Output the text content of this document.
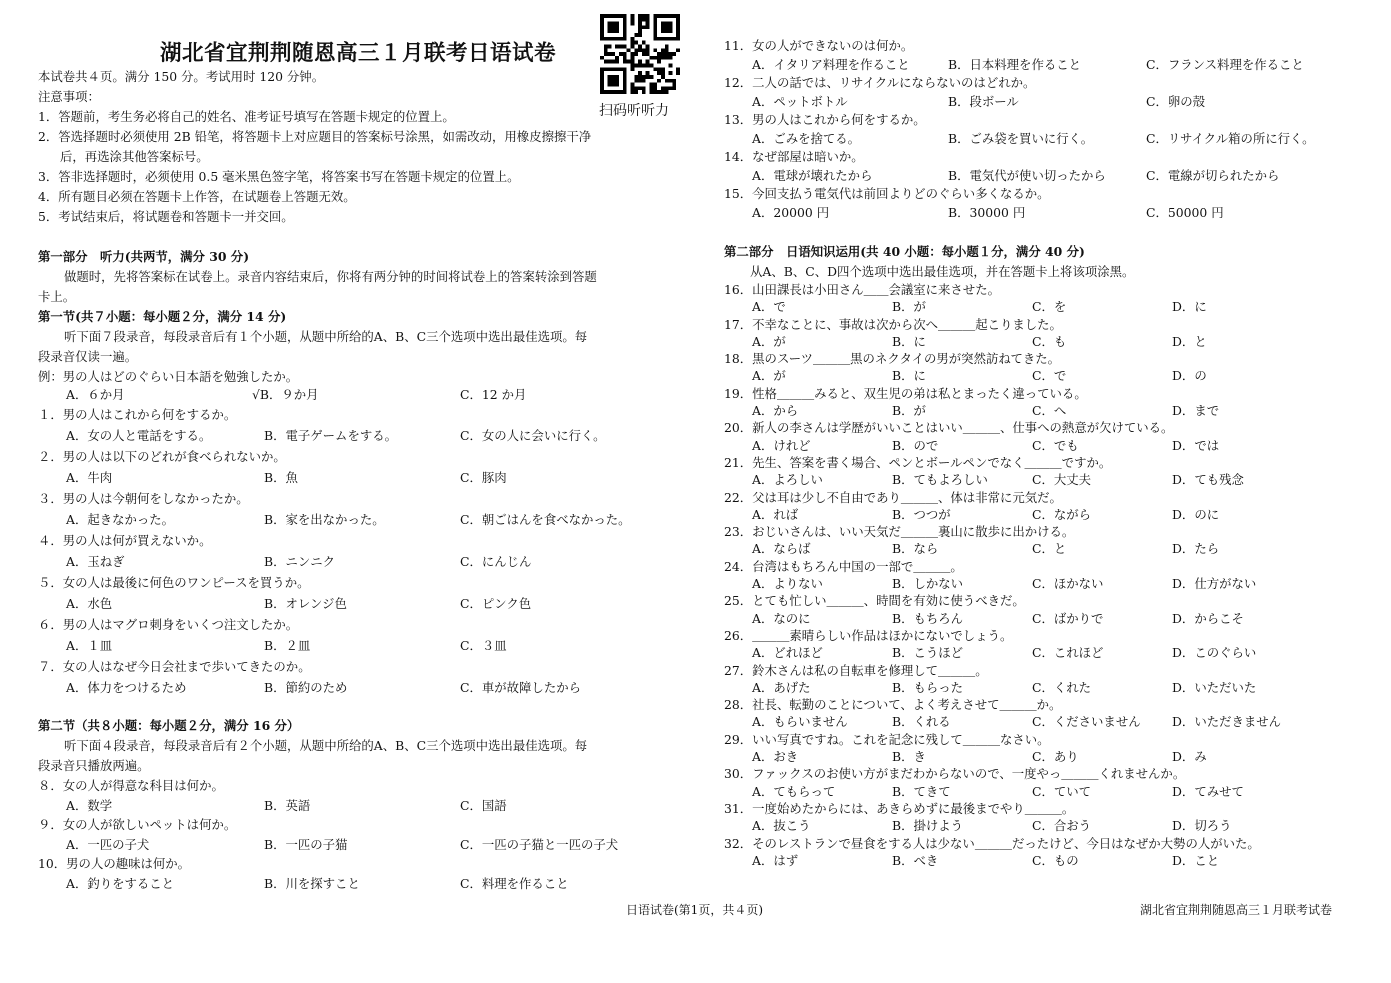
湖北省宜荆荆随恩高三１月联考日语试卷
扫码听听力
本试卷共４页。满分 150 分。考试用时 120 分钟。
注意事项：
1．答题前，考生务必将自己的姓名、准考证号填写在答题卡规定的位置上。
2．答选择题时必须使用 2B 铅笔，将答题卡上对应题目的答案标号涂黑，如需改动，用橡皮擦擦干净
后，再选涂其他答案标号。
3．答非选择题时，必须使用 0.5 毫米黑色签字笔，将答案书写在答题卡规定的位置上。
4．所有题目必须在答题卡上作答，在试题卷上答题无效。
5．考试结束后，将试题卷和答题卡一并交回。
第一部分　听力(共两节，满分 30 分)
做题时，先将答案标在试卷上。录音内容结束后，你将有两分钟的时间将试卷上的答案转涂到答题
卡上。
第一节(共７小题：每小题２分，满分 14 分)
听下面７段录音，每段录音后有１个小题，从题中所给的A、B、C三个选项中选出最佳选项。每
段录音仅读一遍。
例：男の人はどのぐらい日本語を勉強したか。
A．６か月	√B．９か月	C．12 か月
１．男の人はこれから何をするか。
A．女の人と電話をする。	B．電子ゲームをする。	C．女の人に会いに行く。
２．男の人は以下のどれが食べられないか。
A．牛肉	B．魚	C．豚肉
３．男の人は今朝何をしなかったか。
A．起きなかった。	B．家を出なかった。	C．朝ごはんを食べなかった。
４．男の人は何が買えないか。
A．玉ねぎ	B．ニンニク	C．にんじん
５．女の人は最後に何色のワンピースを買うか。
A．水色	B．オレンジ色	C．ピンク色
６．男の人はマグロ刺身をいくつ注文したか。
A．１皿	B．２皿	C．３皿
７．女の人はなぜ今日会社まで歩いてきたのか。
A．体力をつけるため	B．節約のため	C．車が故障したから
第二节（共８小题：每小题２分，满分 16 分）
听下面４段录音，每段录音后有２个小题，从题中所给的A、B、C三个选项中选出最佳选项。每
段录音只播放两遍。
８．女の人が得意な科目は何か。
A．数学	B．英語	C．国語
９．女の人が欲しいペットは何か。
A．一匹の子犬	B．一匹の子猫	C．一匹の子猫と一匹の子犬
10．男の人の趣味は何か。
A．釣りをすること	B．川を探すこと	C．料理を作ること
11．女の人ができないのは何か。
A．イタリア料理を作ること	B．日本料理を作ること	C．フランス料理を作ること
12．二人の話では、リサイクルにならないのはどれか。
A．ペットボトル	B．段ボール	C．卵の殻
13．男の人はこれから何をするか。
A．ごみを捨てる。	B．ごみ袋を買いに行く。	C．リサイクル箱の所に行く。
14．なぜ部屋は暗いか。
A．電球が壊れたから	B．電気代が使い切ったから	C．電線が切られたから
15．今回支払う電気代は前回よりどのぐらい多くなるか。
A．20000 円	B．30000 円	C．50000 円
第二部分　日语知识运用(共 40 小题：每小题１分，满分 40 分)
从A、B、C、D四个选项中选出最佳选项，并在答题卡上将该项涂黑。
16．山田課長は小田さん＿＿会議室に来させた。
A．で	B．が	C．を	D．に
17．不幸なことに、事故は次から次へ＿＿＿起こりました。
A．が	B．に	C．も	D．と
18．黒のスーツ＿＿＿黒のネクタイの男が突然訪ねてきた。
A．が	B．に	C．で	D．の
19．性格＿＿＿みると、双生児の弟は私とまったく違っている。
A．から	B．が	C．へ	D．まで
20．新人の李さんは学歴がいいことはいい＿＿＿、仕事への熱意が欠けている。
A．けれど	B．ので	C．でも	D．では
21．先生、答案を書く場合、ペンとボールペンでなく＿＿＿ですか。
A．よろしい	B．てもよろしい	C．大丈夫	D．ても残念
22．父は耳は少し不自由であり＿＿＿、体は非常に元気だ。
A．れば	B．つつが	C．ながら	D．のに
23．おじいさんは、いい天気だ＿＿＿裏山に散歩に出かける。
A．ならば	B．なら	C．と	D．たら
24．台湾はもちろん中国の一部で＿＿＿。
A．よりない	B．しかない	C．ほかない	D．仕方がない
25．とても忙しい＿＿＿、時間を有効に使うべきだ。
A．なのに	B．もちろん	C．ばかりで	D．からこそ
26．＿＿＿素晴らしい作品はほかにないでしょう。
A．どれほど	B．こうほど	C．これほど	D．このぐらい
27．鈴木さんは私の自転車を修理して＿＿＿。
A．あげた	B．もらった	C．くれた	D．いただいた
28．社長、転勤のことについて、よく考えさせて＿＿＿か。
A．もらいません	B．くれる	C．くださいません	D．いただきません
29．いい写真ですね。これを記念に残して＿＿＿なさい。
A．おき	B．き	C．あり	D．み
30．ファックスのお使い方がまだわからないので、一度やっ＿＿＿くれませんか。
A．てもらって	B．てきて	C．ていて	D．てみせて
31．一度始めたからには、あきらめずに最後までやり＿＿＿。
A．抜こう	B．掛けよう	C．合おう	D．切ろう
32．そのレストランで昼食をする人は少ない＿＿＿だったけど、今日はなぜか大勢の人がいた。
A．はず	B．べき	C．もの	D．こと
日语试卷(第1页，共４页)	湖北省宜荆荆随恩高三１月联考试卷
